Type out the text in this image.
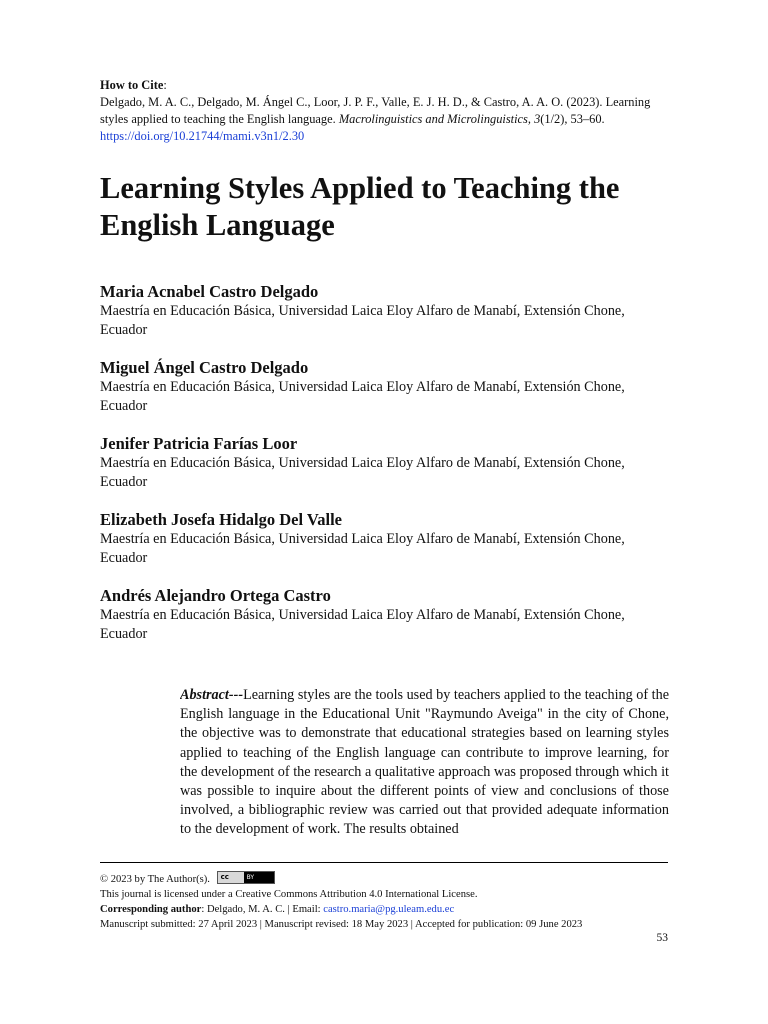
How to Cite:
Delgado, M. A. C., Delgado, M. Ángel C., Loor, J. P. F., Valle, E. J. H. D., & Castro, A. A. O. (2023). Learning styles applied to teaching the English language. Macrolinguistics and Microlinguistics, 3(1/2), 53–60. https://doi.org/10.21744/mami.v3n1/2.30
Learning Styles Applied to Teaching the English Language
Maria Acnabel Castro Delgado
Maestría en Educación Básica, Universidad Laica Eloy Alfaro de Manabí, Extensión Chone, Ecuador
Miguel Ángel Castro Delgado
Maestría en Educación Básica, Universidad Laica Eloy Alfaro de Manabí, Extensión Chone, Ecuador
Jenifer Patricia Farías Loor
Maestría en Educación Básica, Universidad Laica Eloy Alfaro de Manabí, Extensión Chone, Ecuador
Elizabeth Josefa Hidalgo Del Valle
Maestría en Educación Básica, Universidad Laica Eloy Alfaro de Manabí, Extensión Chone, Ecuador
Andrés Alejandro Ortega Castro
Maestría en Educación Básica, Universidad Laica Eloy Alfaro de Manabí, Extensión Chone, Ecuador
Abstract---Learning styles are the tools used by teachers applied to the teaching of the English language in the Educational Unit "Raymundo Aveiga" in the city of Chone, the objective was to demonstrate that educational strategies based on learning styles applied to teaching of the English language can contribute to improve learning, for the development of the research a qualitative approach was proposed through which it was possible to inquire about the different points of view and conclusions of those involved, a bibliographic review was carried out that provided adequate information to the development of work. The results obtained
© 2023 by The Author(s). cc	BY
This journal is licensed under a Creative Commons Attribution 4.0 International License.
Corresponding author: Delgado, M. A. C. | Email: castro.maria@pg.uleam.edu.ec
Manuscript submitted: 27 April 2023 | Manuscript revised: 18 May 2023 | Accepted for publication: 09 June 2023
53
